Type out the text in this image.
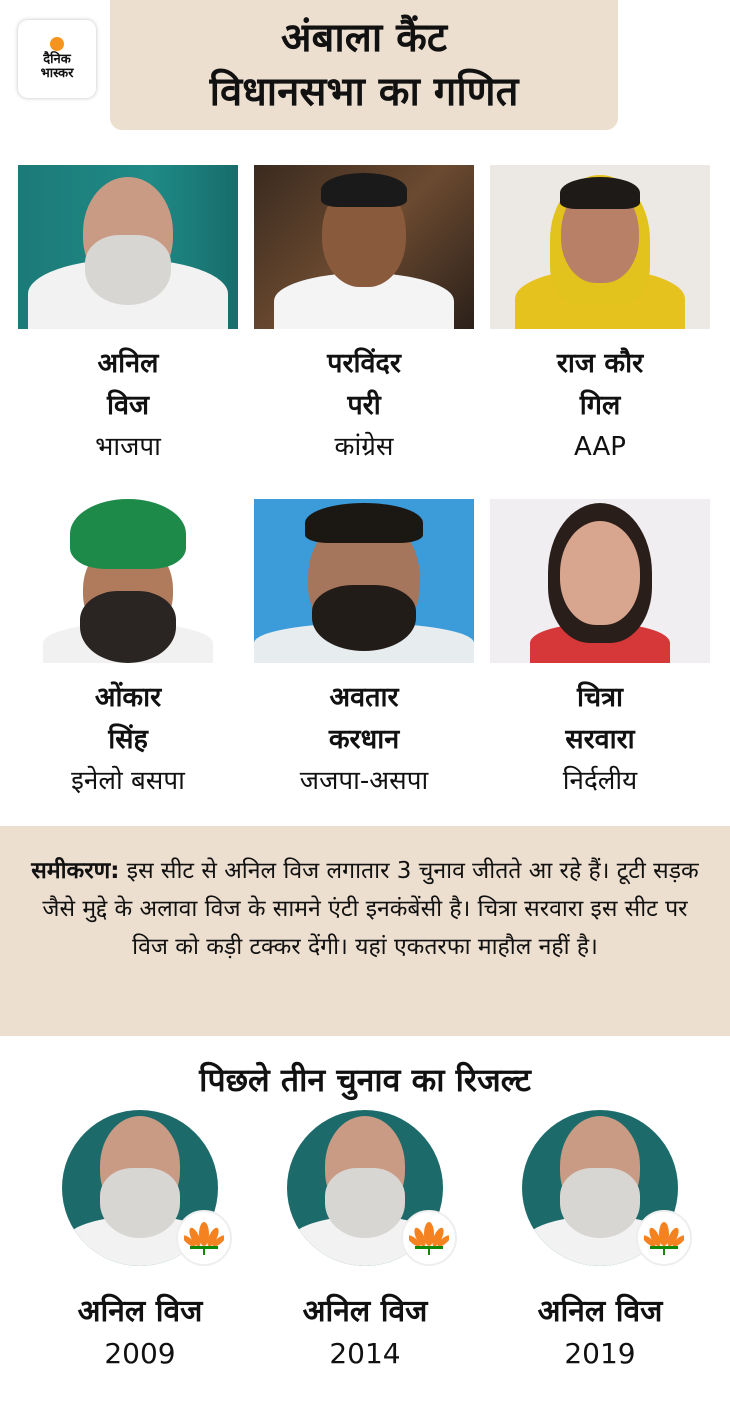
दैनिक
भास्कर
अंबाला कैंट
विधानसभा का गणित
अनिल
विज
भाजपा
परविंदर
परी
कांग्रेस
राज कौर
गिल
AAP
ओंकार
सिंह
इनेलो बसपा
अवतार
करधान
जजपा-असपा
चित्रा
सरवारा
निर्दलीय
समीकरण: इस सीट से अनिल विज लगातार 3 चुनाव जीतते आ रहे हैं। टूटी सड़क जैसे मुद्दे के अलावा विज के सामने एंटी इनकंबेंसी है। चित्रा सरवारा इस सीट पर विज को कड़ी टक्कर देंगी। यहां एकतरफा माहौल नहीं है।
पिछले तीन चुनाव का रिजल्ट
अनिल विज
2009
अनिल विज
2014
अनिल विज
2019
